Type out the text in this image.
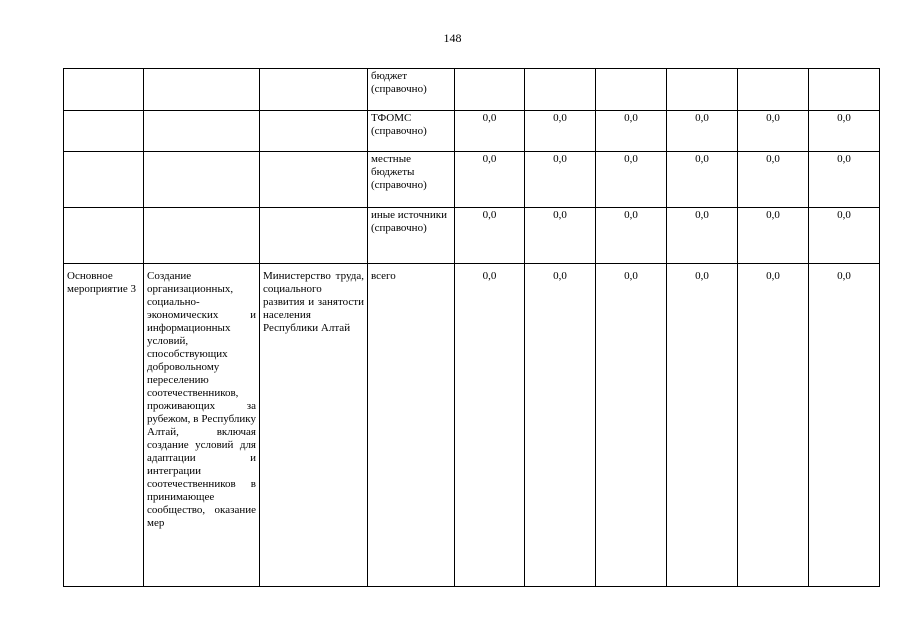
148
			бюджет (справочно)						
			ТФОМС (справочно)	0,0	0,0	0,0	0,0	0,0	0,0
			местные бюджеты (справочно)	0,0	0,0	0,0	0,0	0,0	0,0
			иные источники (справочно)	0,0	0,0	0,0	0,0	0,0	0,0
Основное мероприятие 3	Создание организационных, социально-экономических и информационных условий, способствующих добровольному переселению соотечественников, проживающих за рубежом, в Республику Алтай, включая создание условий для адаптации и интеграции соотечественников в принимающее сообщество, оказание мер	Министерство труда, социального развития и занятости населения Республики Алтай	всего	0,0	0,0	0,0	0,0	0,0	0,0
